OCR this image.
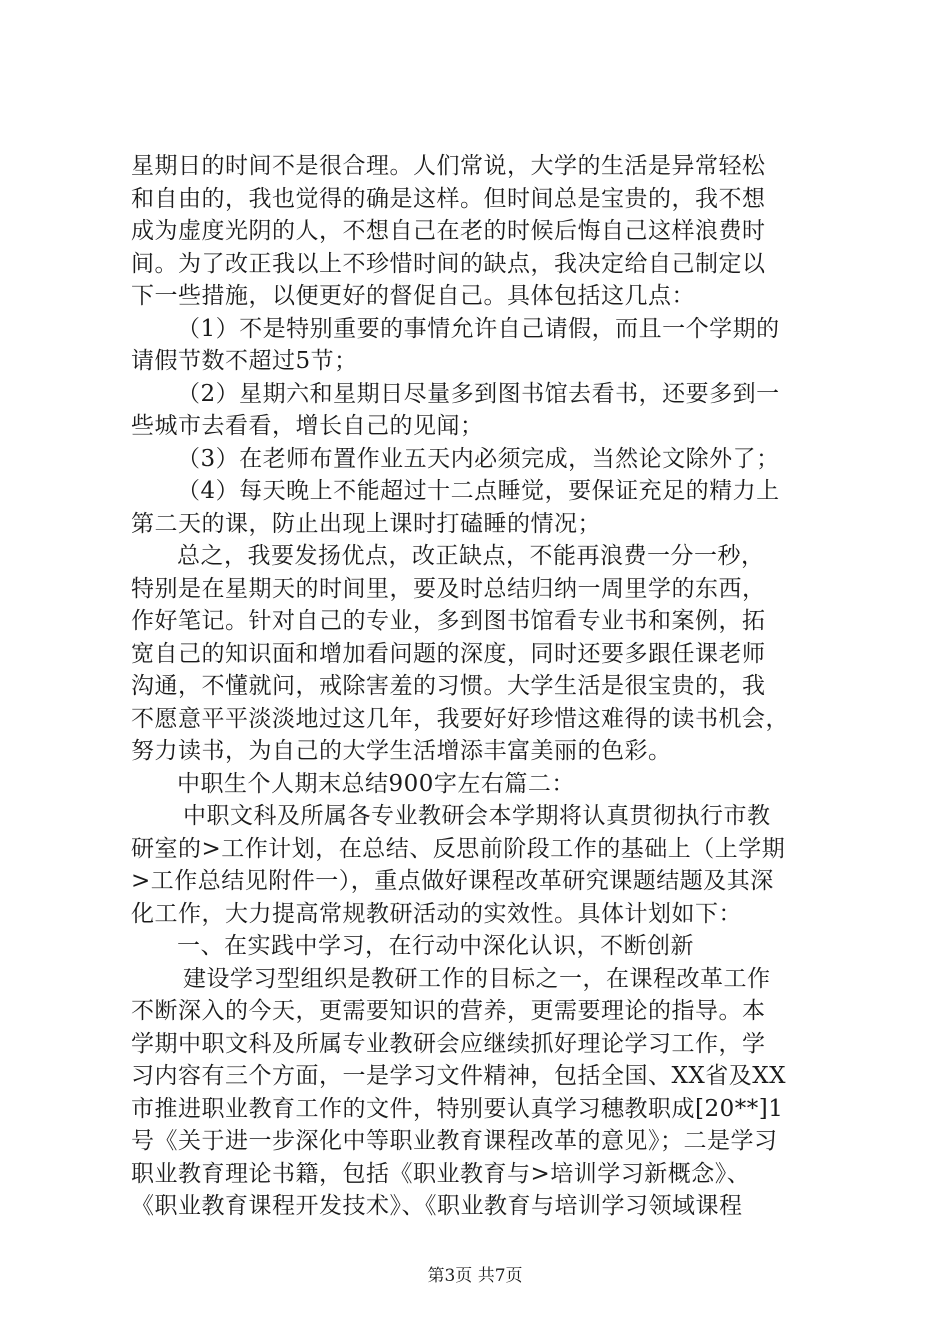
星期日的时间不是很合理。人们常说，大学的生活是异常轻松
和自由的，我也觉得的确是这样。但时间总是宝贵的，我不想
成为虚度光阴的人，不想自己在老的时候后悔自己这样浪费时
间。为了改正我以上不珍惜时间的缺点，我决定给自己制定以
下一些措施，以便更好的督促自己。具体包括这几点：
（1）不是特别重要的事情允许自己请假，而且一个学期的
请假节数不超过5节；
（2）星期六和星期日尽量多到图书馆去看书，还要多到一
些城市去看看，增长自己的见闻；
（3）在老师布置作业五天内必须完成，当然论文除外了；
（4）每天晚上不能超过十二点睡觉，要保证充足的精力上
第二天的课，防止出现上课时打磕睡的情况；
总之，我要发扬优点，改正缺点，不能再浪费一分一秒，
特别是在星期天的时间里，要及时总结归纳一周里学的东西，
作好笔记。针对自己的专业，多到图书馆看专业书和案例，拓
宽自己的知识面和增加看问题的深度，同时还要多跟任课老师
沟通，不懂就问，戒除害羞的习惯。大学生活是很宝贵的，我
不愿意平平淡淡地过这几年，我要好好珍惜这难得的读书机会，
努力读书，为自己的大学生活增添丰富美丽的色彩。
中职生个人期末总结900字左右篇二：
中职文科及所属各专业教研会本学期将认真贯彻执行市教
研室的>工作计划，在总结、反思前阶段工作的基础上（上学期
>工作总结见附件一），重点做好课程改革研究课题结题及其深
化工作，大力提高常规教研活动的实效性。具体计划如下：
一、在实践中学习，在行动中深化认识，不断创新
建设学习型组织是教研工作的目标之一，在课程改革工作
不断深入的今天，更需要知识的营养，更需要理论的指导。本
学期中职文科及所属专业教研会应继续抓好理论学习工作，学
习内容有三个方面，一是学习文件精神，包括全国、XX省及XX
市推进职业教育工作的文件，特别要认真学习穗教职成[20**]1
号《关于进一步深化中等职业教育课程改革的意见》；二是学习
职业教育理论书籍，包括《职业教育与>培训学习新概念》、
《职业教育课程开发技术》、《职业教育与培训学习领域课程
第3页 共7页
